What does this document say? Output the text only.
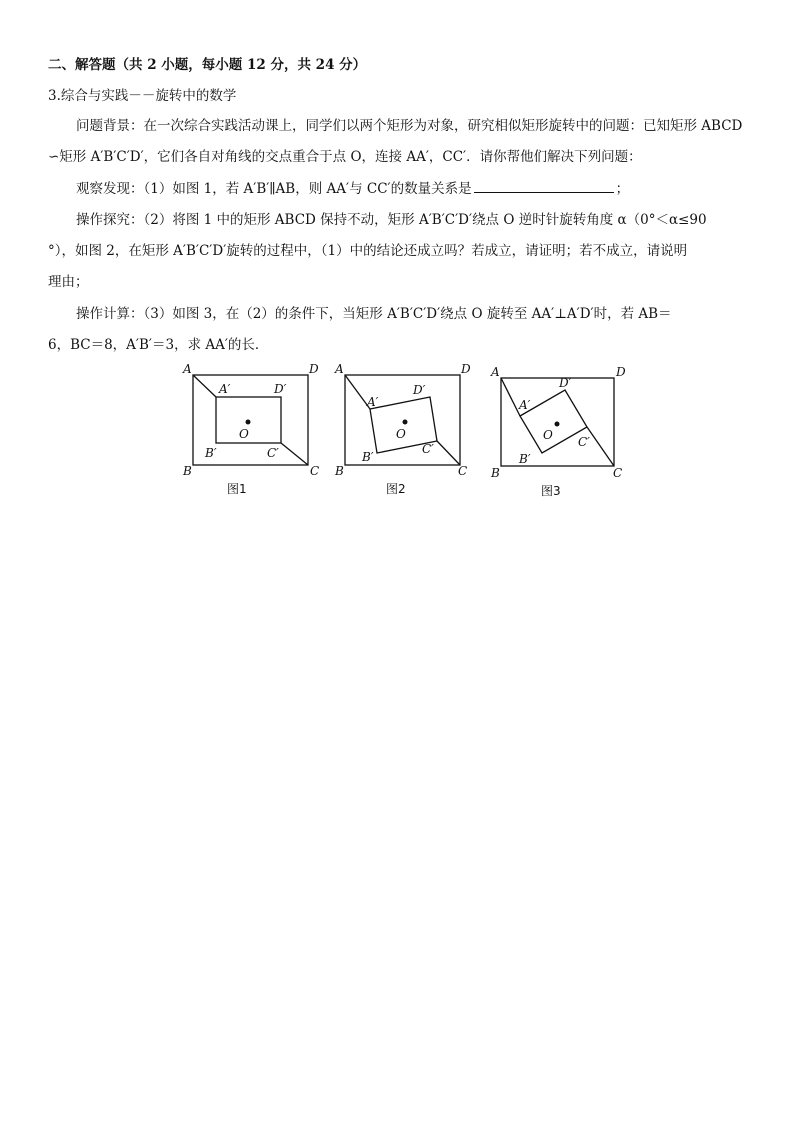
二、解答题（共 2 小题，每小题 12 分，共 24 分）
3.综合与实践－－旋转中的数学
问题背景：在一次综合实践活动课上，同学们以两个矩形为对象，研究相似矩形旋转中的问题：已知矩形 ABCD
∽矩形 A′B′C′D′，它们各自对角线的交点重合于点 O，连接 AA′，CC′．请你帮他们解决下列问题：
观察发现：（1）如图 1，若 A′B′∥AB，则 AA′与 CC′的数量关系是	；
操作探究：（2）将图 1 中的矩形 ABCD 保持不动，矩形 A′B′C′D′绕点 O 逆时针旋转角度 α（0°＜α≤90
°），如图 2，在矩形 A′B′C′D′旋转的过程中，（1）中的结论还成立吗？若成立，请证明；若不成立，请说明
理由；
操作计算：（3）如图 3，在（2）的条件下，当矩形 A′B′C′D′绕点 O 旋转至 AA′⊥A′D′时，若 AB＝
6，BC＝8，A′B′＝3，求 AA′的长．
A	D
B	C
A′	D′
B′	C′
O
图1
A	D
B	C
A′
D′
B′
C′
O
图2
A	D
B	C
A′
D′
B′
C′
O
图3
